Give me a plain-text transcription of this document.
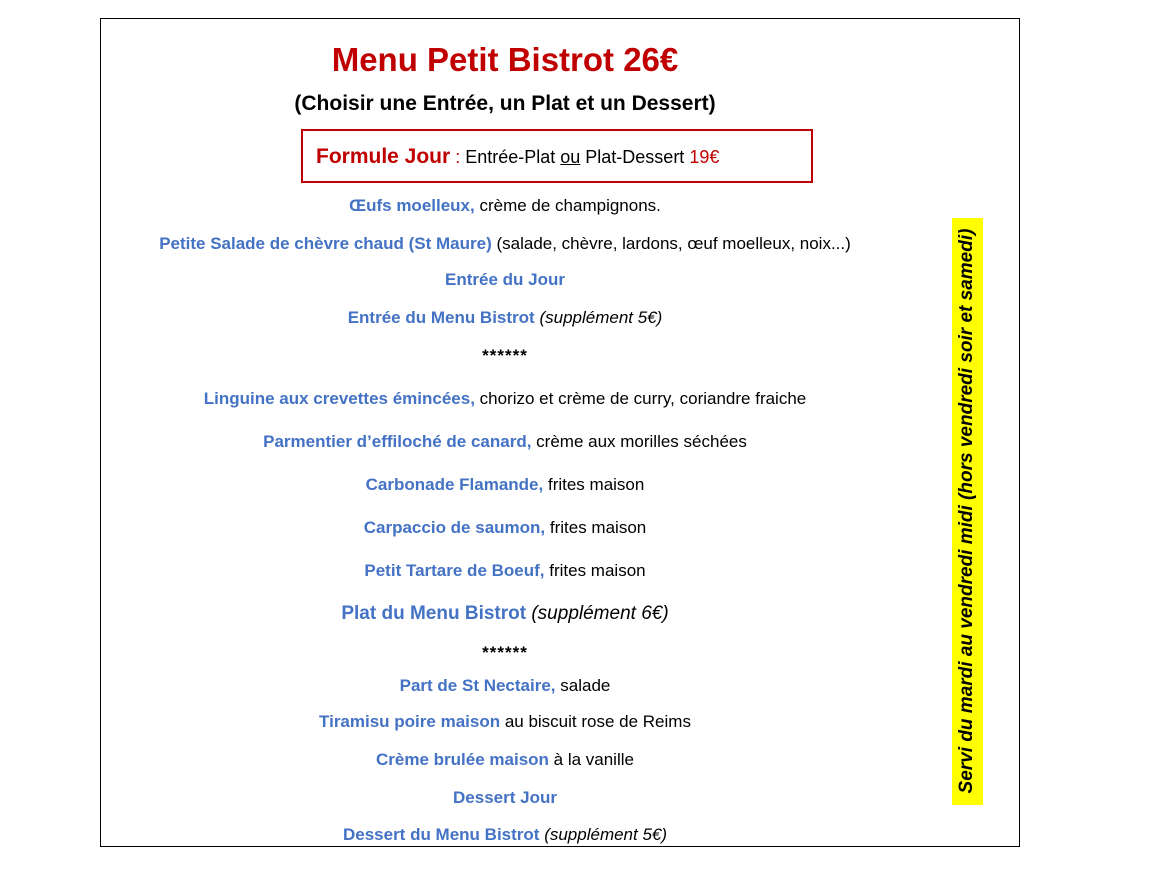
Menu Petit Bistrot 26€
(Choisir une Entrée, un Plat et un Dessert)
Formule Jour : Entrée-Plat ou Plat-Dessert 19€
Œufs moelleux, crème de champignons.
Petite Salade de chèvre chaud (St Maure) (salade, chèvre, lardons, œuf moelleux, noix...)
Entrée du Jour
Entrée du Menu Bistrot (supplément 5€)
******
Linguine aux crevettes émincées, chorizo et crème de curry, coriandre fraiche
Parmentier d’effiloché de canard, crème aux morilles séchées
Carbonade Flamande, frites maison
Carpaccio de saumon, frites maison
Petit Tartare de Boeuf, frites maison
Plat du Menu Bistrot (supplément 6€)
******
Part de St Nectaire, salade
Tiramisu poire maison au biscuit rose de Reims
Crème brulée maison à la vanille
Dessert Jour
Dessert du Menu Bistrot (supplément 5€)
Servi du mardi au vendredi midi (hors vendredi soir et samedi)
